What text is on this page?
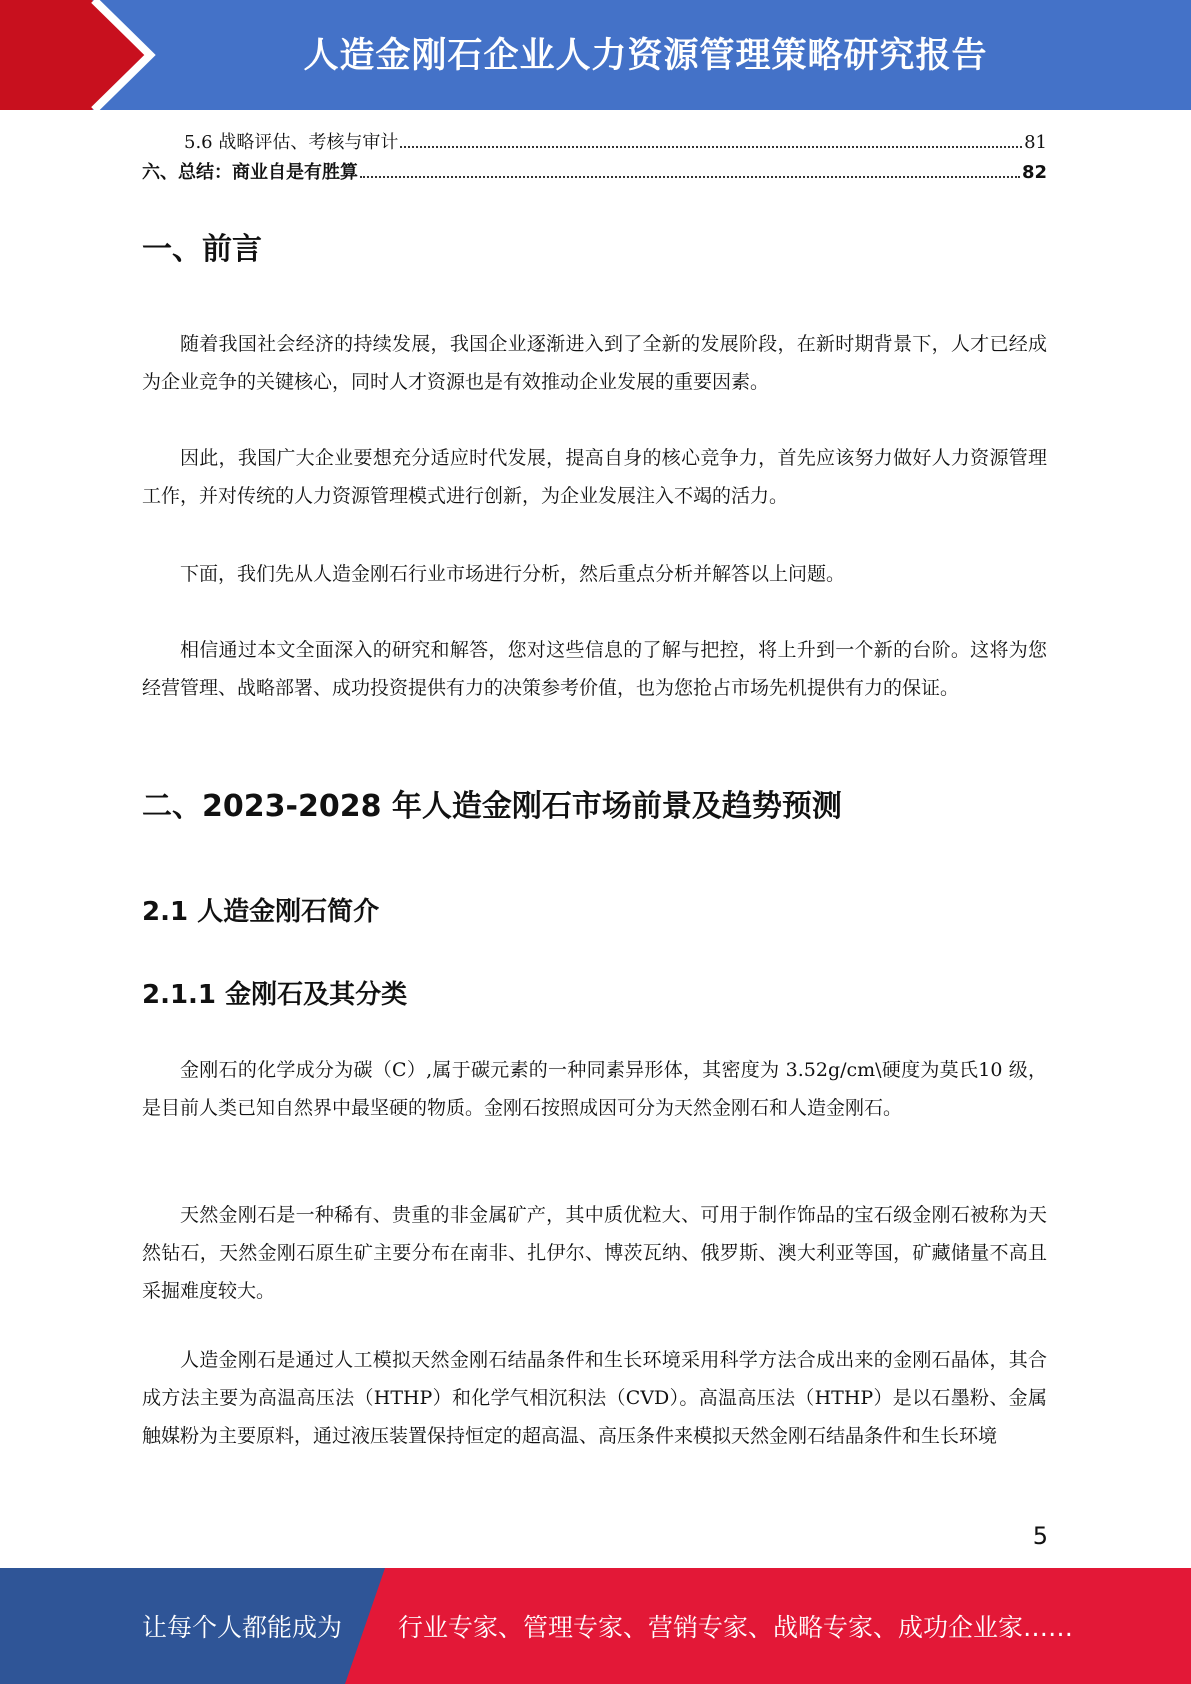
人造金刚石企业人力资源管理策略研究报告
5.6 战略评估、考核与审计	81
六、总结：商业自是有胜算	82
一、前言

随着我国社会经济的持续发展，我国企业逐渐进入到了全新的发展阶段，在新时期背景下，人才已经成为企业竞争的关键核心，同时人才资源也是有效推动企业发展的重要因素。

因此，我国广大企业要想充分适应时代发展，提高自身的核心竞争力，首先应该努力做好人力资源管理工作，并对传统的人力资源管理模式进行创新，为企业发展注入不竭的活力。

下面，我们先从人造金刚石行业市场进行分析，然后重点分析并解答以上问题。

相信通过本文全面深入的研究和解答，您对这些信息的了解与把控，将上升到一个新的台阶。这将为您经营管理、战略部署、成功投资提供有力的决策参考价值，也为您抢占市场先机提供有力的保证。

二、2023-2028 年人造金刚石市场前景及趋势预测
2.1 人造金刚石简介
2.1.1 金刚石及其分类

金刚石的化学成分为碳（C）,属于碳元素的一种同素异形体，其密度为 3.52g/cm\硬度为莫氏10 级，是目前人类已知自然界中最坚硬的物质。金刚石按照成因可分为天然金刚石和人造金刚石。

天然金刚石是一种稀有、贵重的非金属矿产，其中质优粒大、可用于制作饰品的宝石级金刚石被称为天然钻石，天然金刚石原生矿主要分布在南非、扎伊尔、博茨瓦纳、俄罗斯、澳大利亚等国，矿藏储量不高且采掘难度较大。

人造金刚石是通过人工模拟天然金刚石结晶条件和生长环境采用科学方法合成出来的金刚石晶体，其合成方法主要为高温高压法（HTHP）和化学气相沉积法（CVD）。高温高压法（HTHP）是以石墨粉、金属触媒粉为主要原料，通过液压装置保持恒定的超高温、高压条件来模拟天然金刚石结晶条件和生长环境

5
让每个人都能成为 行业专家、管理专家、营销专家、战略专家、成功企业家……
